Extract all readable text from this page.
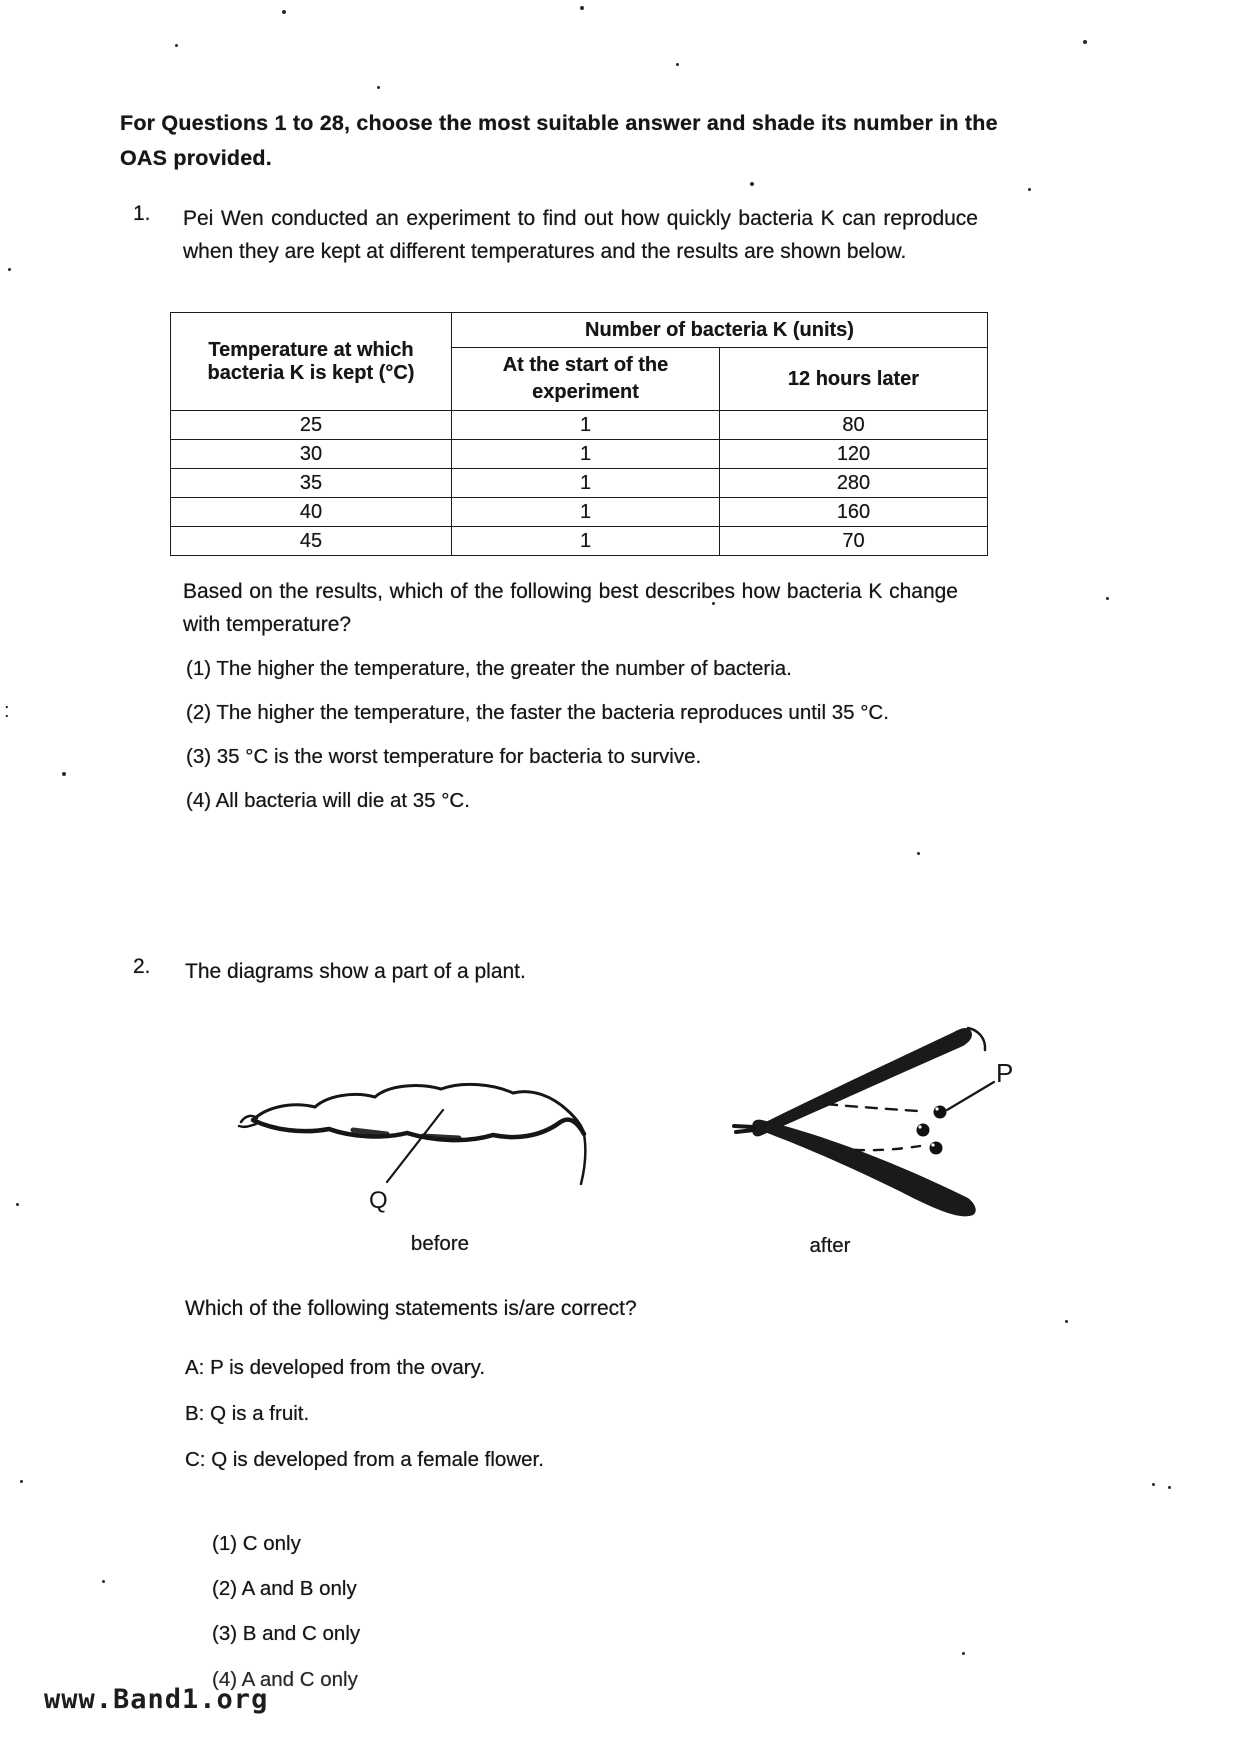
:
For Questions 1 to 28, choose the most suitable answer and shade its number in the OAS provided.
1. Pei Wen conducted an experiment to find out how quickly bacteria K can reproduce when they are kept at different temperatures and the results are shown below.
Temperature at which bacteria K is kept (°C)	Number of bacteria K (units)	
	At the start of the experiment	12 hours later
25	1	80
30	1	120
35	1	280
40	1	160
45	1	70
Based on the results, which of the following best describes how bacteria K change with temperature?
(1) The higher the temperature, the greater the number of bacteria.
(2) The higher the temperature, the faster the bacteria reproduces until 35 °C.
(3) 35 °C is the worst temperature for bacteria to survive.
(4) All bacteria will die at 35 °C.
2. The diagrams show a part of a plant.
Q
P
before	after
Which of the following statements is/are correct?
A: P is developed from the ovary.
B: Q is a fruit.
C: Q is developed from a female flower.
(1) C only
(2) A and B only
(3) B and C only
(4) A and C only
www.Band1.org
